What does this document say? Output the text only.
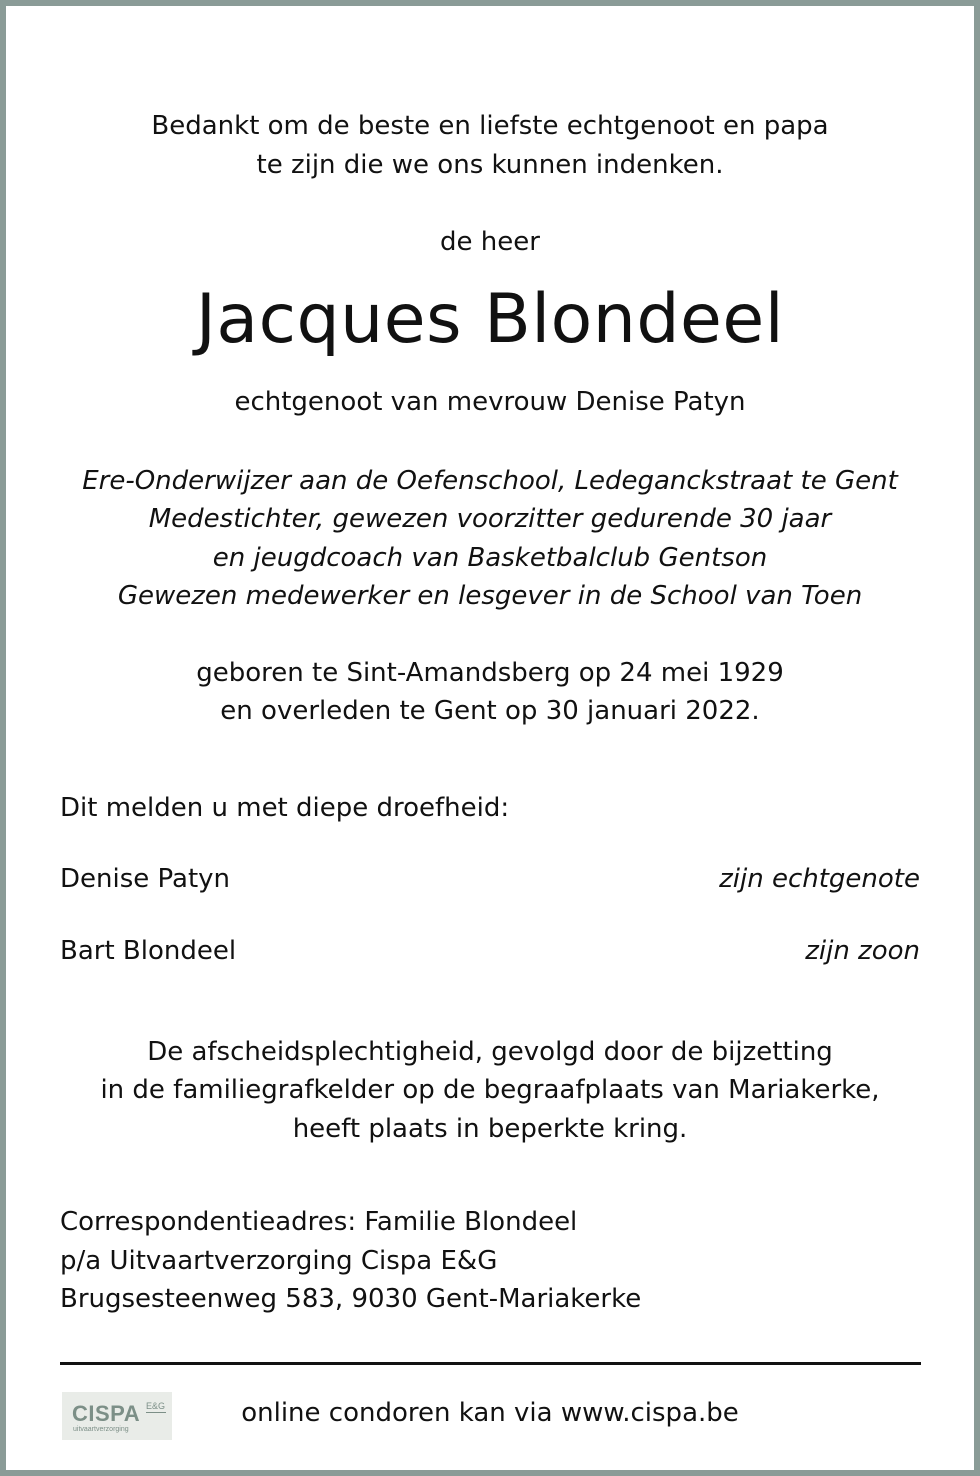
Bedankt om de beste en liefste echtgenoot en papa
te zijn die we ons kunnen indenken.
de heer
Jacques Blondeel
echtgenoot van mevrouw Denise Patyn
Ere-Onderwijzer aan de Oefenschool, Ledeganckstraat te Gent
Medestichter, gewezen voorzitter gedurende 30 jaar
en jeugdcoach van Basketbalclub Gentson
Gewezen medewerker en lesgever in de School van Toen
geboren te Sint-Amandsberg op 24 mei 1929
en overleden te Gent op 30 januari 2022.
Dit melden u met diepe droefheid:
Denise Patyn	zijn echtgenote
Bart Blondeel	zijn zoon
De afscheidsplechtigheid, gevolgd door de bijzetting
in de familiegrafkelder op de begraafplaats van Mariakerke,
heeft plaats in beperkte kring.
Correspondentieadres: Familie Blondeel
p/a Uitvaartverzorging Cispa E&G
Brugsesteenweg 583, 9030 Gent-Mariakerke
CISPA E&G
uitvaartverzorging
online condoren kan via www.cispa.be
